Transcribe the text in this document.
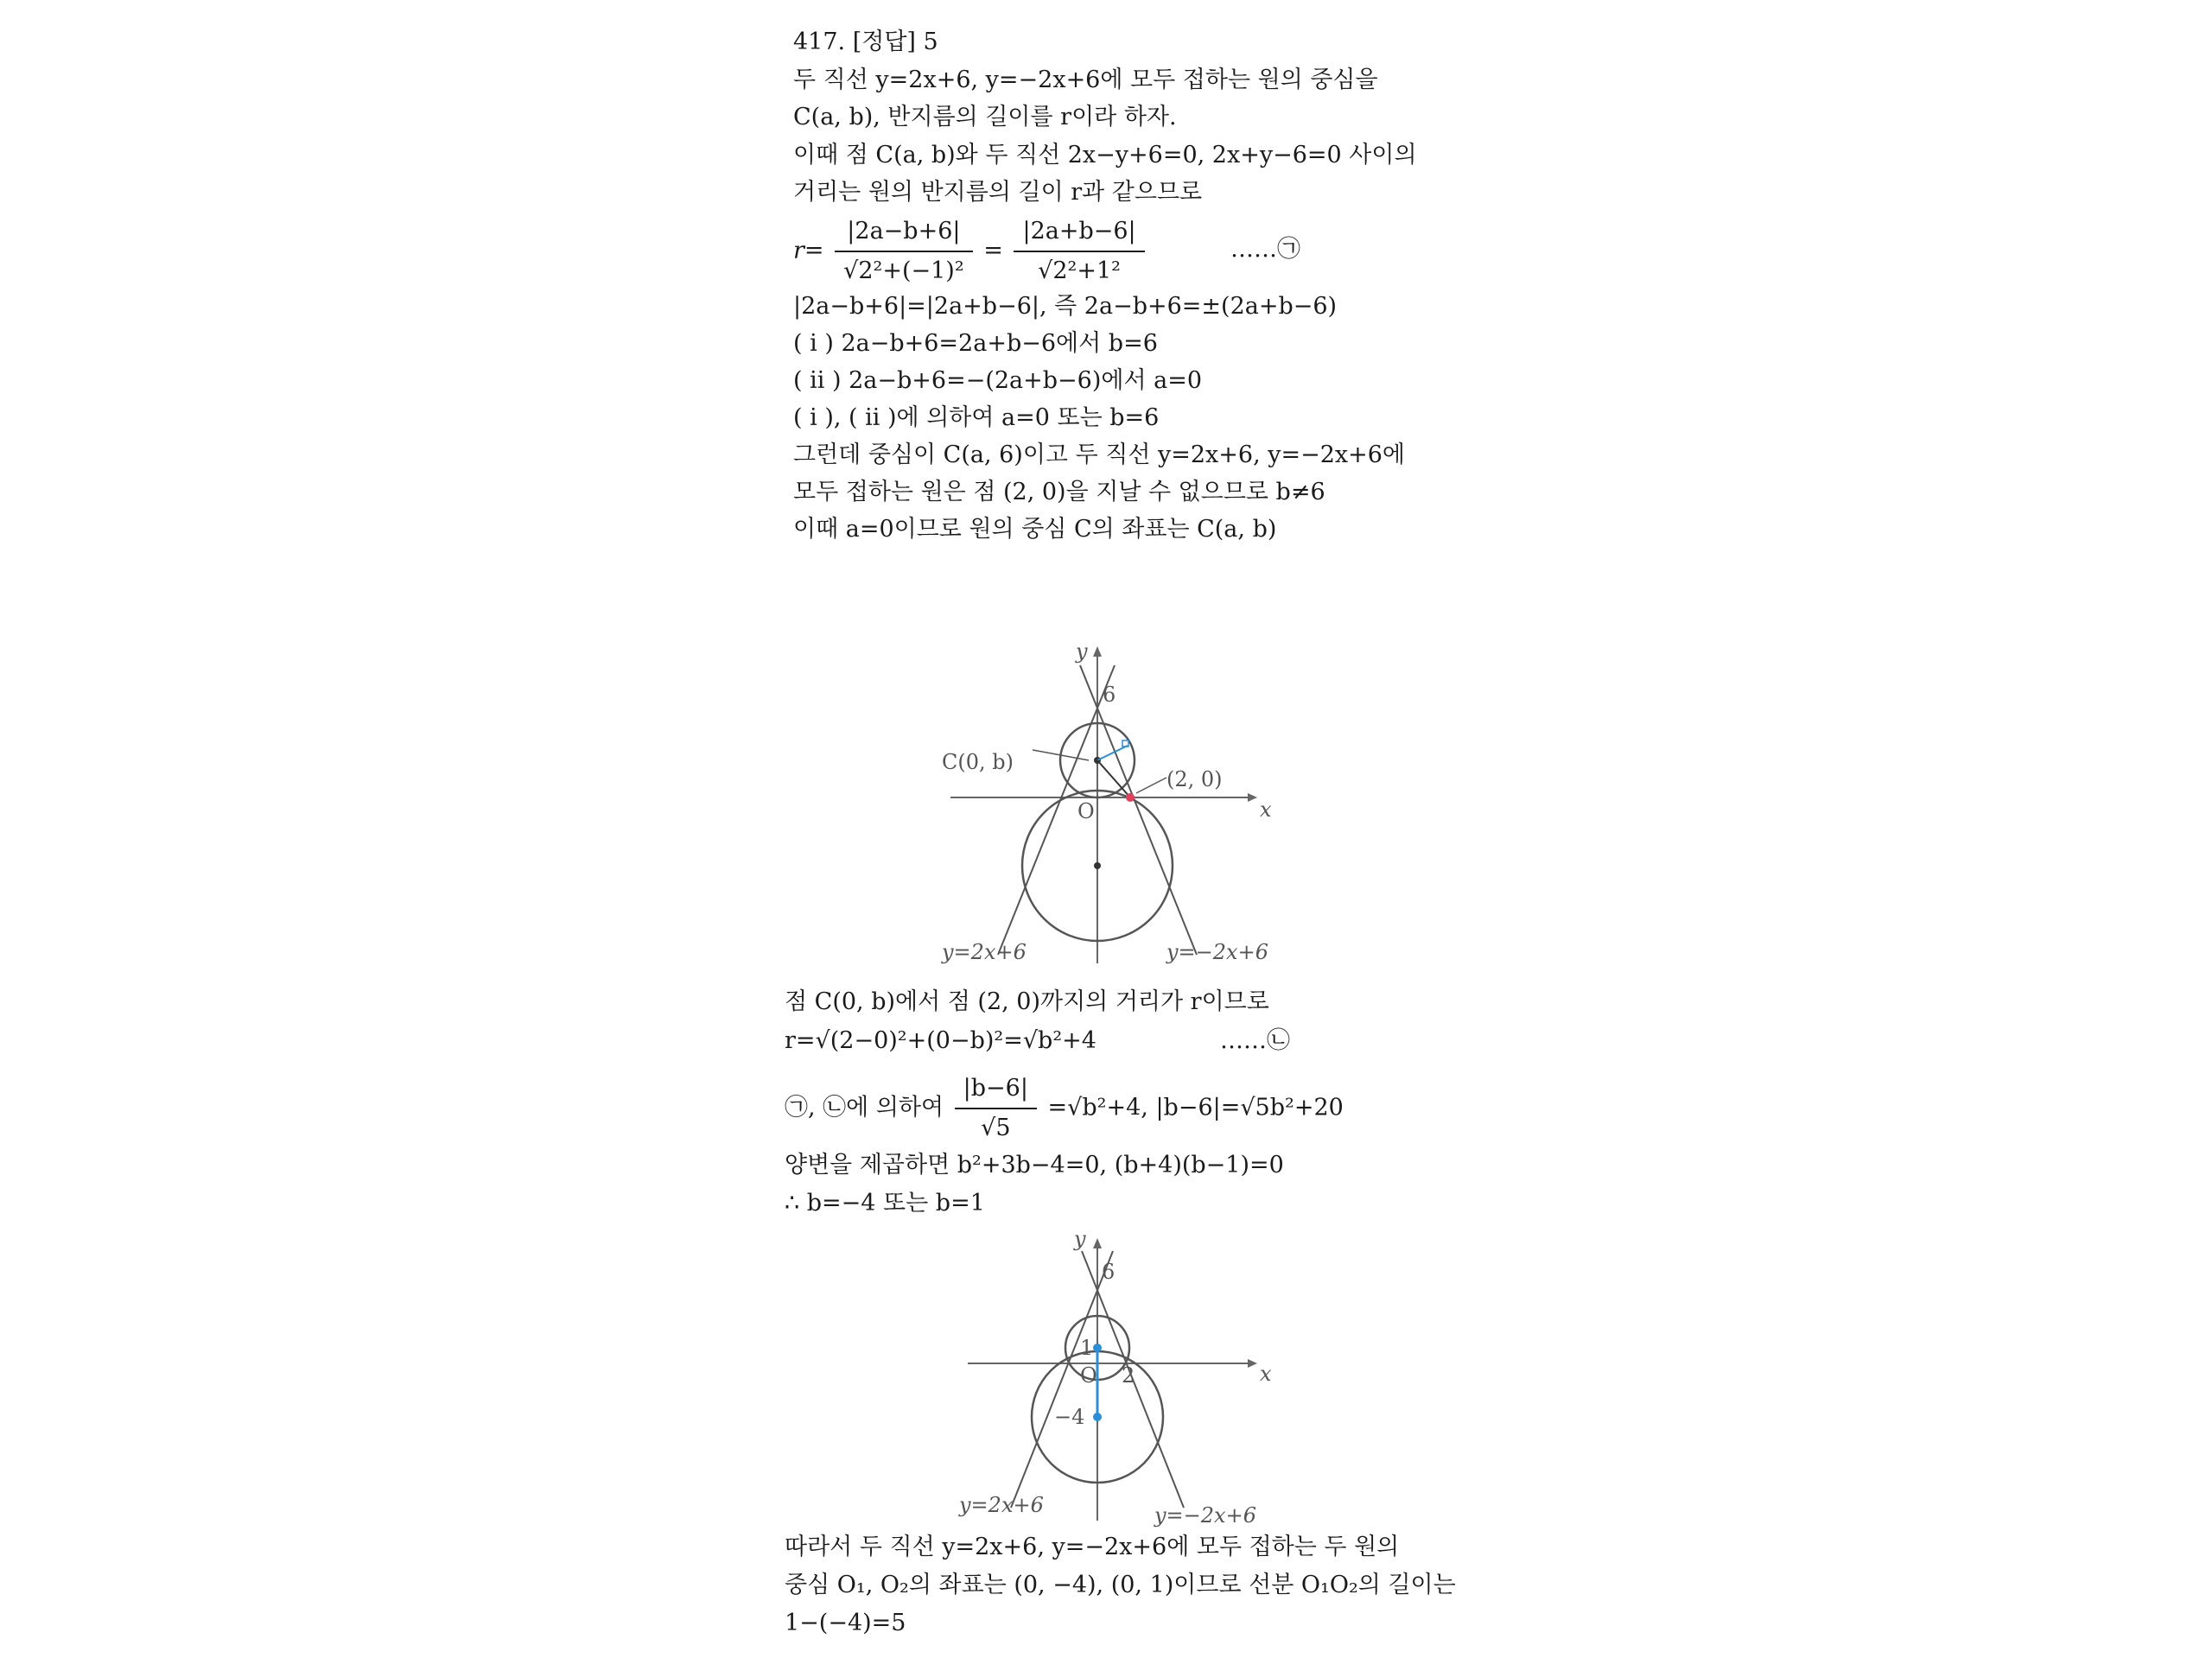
417. [정답] 5
두 직선 y=2x+6, y=−2x+6에 모두 접하는 원의 중심을
C(a, b), 반지름의 길이를 r이라 하자.
이때 점 C(a, b)와 두 직선 2x−y+6=0, 2x+y−6=0 사이의
거리는 원의 반지름의 길이 r과 같으므로
$r= \frac{|2a-b+6|}{\text{√2²+(−1)²}} = \frac{|2a+b-6|}{\text{√2²+1²}}$	……㉠
|2a−b+6|=|2a+b−6|, 즉 2a−b+6=±(2a+b−6)
( i ) 2a−b+6=2a+b−6에서 b=6
( ii ) 2a−b+6=−(2a+b−6)에서 a=0
( i ), ( ii )에 의하여 a=0 또는 b=6
그런데 중심이 C(a, 6)이고 두 직선 y=2x+6, y=−2x+6에
모두 접하는 원은 점 (2, 0)을 지날 수 없으므로 b≠6
이때 a=0이므로 원의 중심 C의 좌표는 C(a, b)
y
x
O
6
C(0, b)
(2, 0)
y=2x+6	y=−2x+6
점 C(0, b)에서 점 (2, 0)까지의 거리가 r이므로
r=√(2−0)²+(0−b)²=√b²+4	……㉡
㉠, ㉡에 의하여 $\frac{|b-6|}{√5} =√b^2+4$, |b−6|=√5b²+20
양변을 제곱하면 b²+3b−4=0, (b+4)(b−1)=0
∴ b=−4 또는 b=1
y
x
O
6
1
−4
2
y=2x+6	y=−2x+6
따라서 두 직선 y=2x+6, y=−2x+6에 모두 접하는 두 원의
중심 O₁, O₂의 좌표는 (0, −4), (0, 1)이므로 선분 O₁O₂의 길이는
1−(−4)=5
